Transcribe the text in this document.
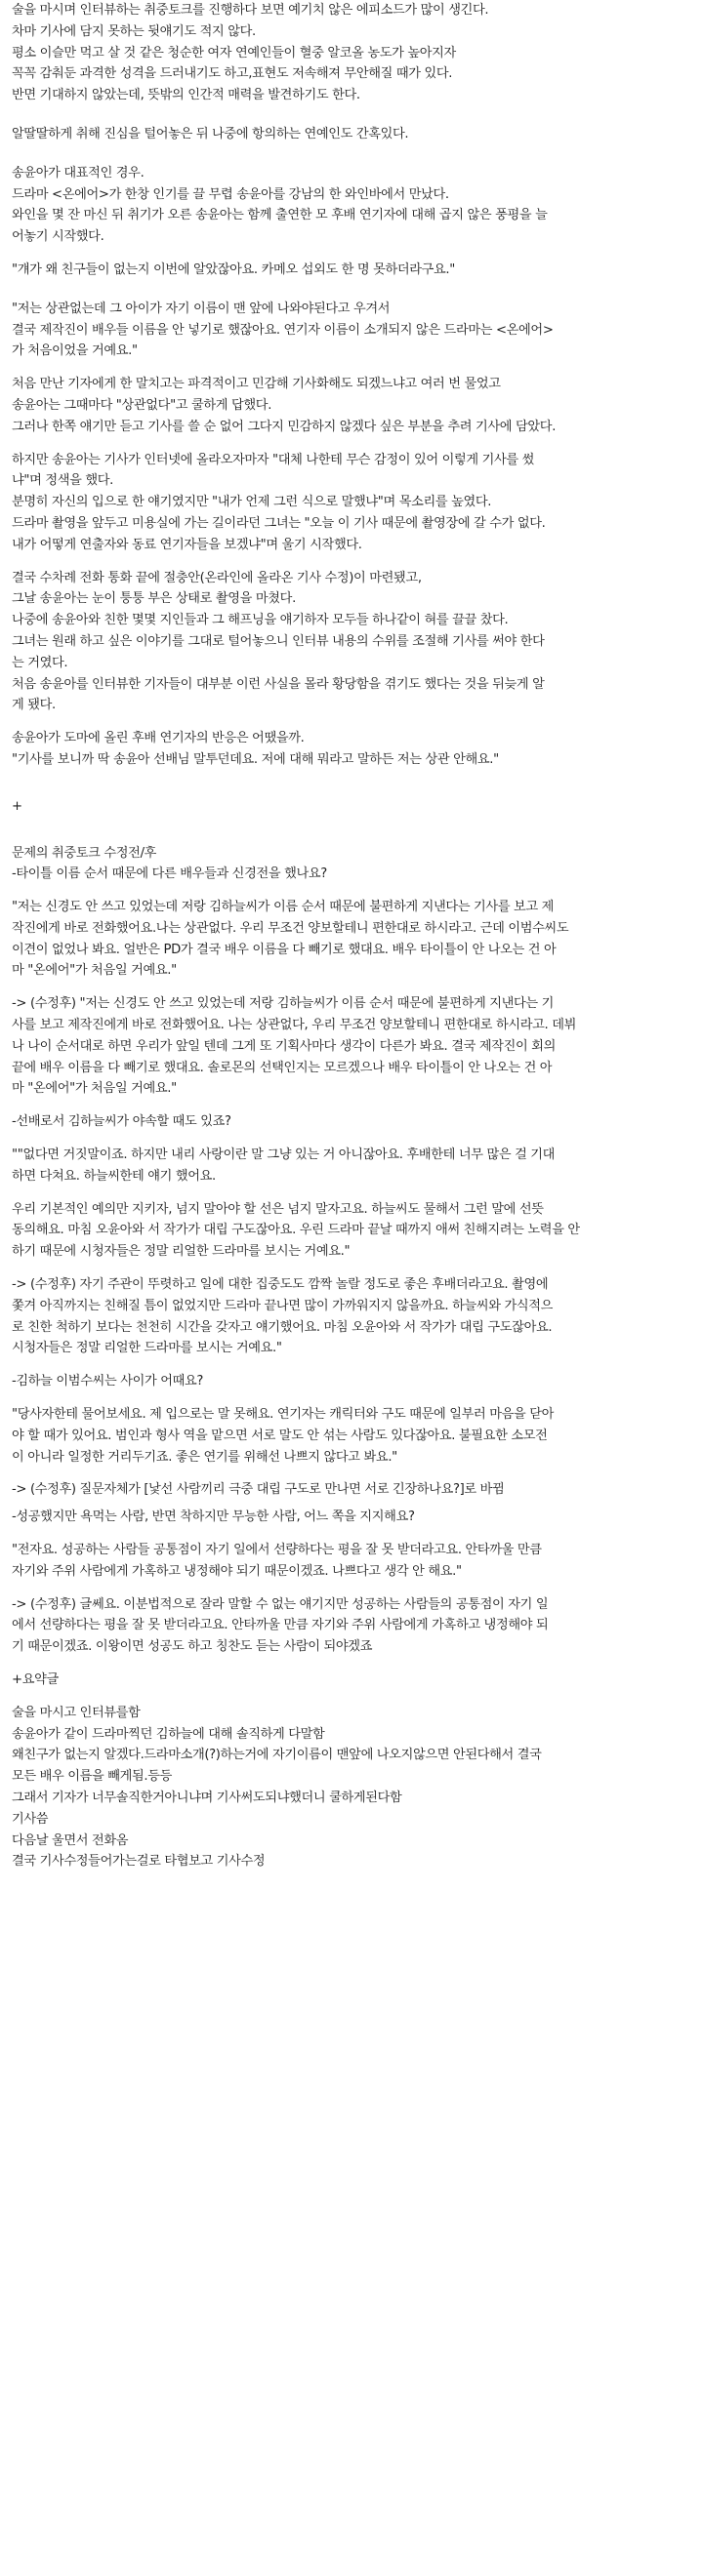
술을 마시며 인터뷰하는 취중토크를 진행하다 보면 예기치 않은 에피소드가 많이 생긴다.
차마 기사에 담지 못하는 뒷얘기도 적지 않다.
평소 이슬만 먹고 살 것 같은 청순한 여자 연예인들이 혈중 알코올 농도가 높아지자
꼭꼭 감춰둔 과격한 성격을 드러내기도 하고,표현도 저속해져 무안해질 때가 있다.
반면 기대하지 않았는데, 뜻밖의 인간적 매력을 발견하기도 한다.
알딸딸하게 취해 진심을 털어놓은 뒤 나중에 항의하는 연예인도 간혹있다.
송윤아가 대표적인 경우.
드라마 <온에어>가 한창 인기를 끌 무렵 송윤아를 강남의 한 와인바에서 만났다.
와인을 몇 잔 마신 뒤 취기가 오른 송윤아는 함께 출연한 모 후배 연기자에 대해 곱지 않은 풍평을 늘
어놓기 시작했다.
"걔가 왜 친구들이 없는지 이번에 알았잖아요. 카메오 섭외도 한 명 못하더라구요."
"저는 상관없는데 그 아이가 자기 이름이 맨 앞에 나와야된다고 우겨서
결국 제작진이 배우들 이름을 안 넣기로 했잖아요. 연기자 이름이 소개되지 않은 드라마는 <온에어>
가 처음이었을 거예요."
처음 만난 기자에게 한 말치고는 파격적이고 민감해 기사화해도 되겠느냐고 여러 번 물었고
송윤아는 그때마다 "상관없다"고 쿨하게 답했다.
그러나 한쪽 얘기만 듣고 기사를 쓸 순 없어 그다지 민감하지 않겠다 싶은 부분을 추려 기사에 담았다.
하지만 송윤아는 기사가 인터넷에 올라오자마자 "대체 나한테 무슨 감정이 있어 이렇게 기사를 썼
냐"며 정색을 했다.
분명히 자신의 입으로 한 얘기였지만 "내가 언제 그런 식으로 말했냐"며 목소리를 높였다.
드라마 촬영을 앞두고 미용실에 가는 길이라던 그녀는 "오늘 이 기사 때문에 촬영장에 갈 수가 없다.
내가 어떻게 연출자와 동료 연기자들을 보겠냐"며 울기 시작했다.
결국 수차례 전화 통화 끝에 절충안(온라인에 올라온 기사 수정)이 마련됐고,
그날 송윤아는 눈이 퉁퉁 부은 상태로 촬영을 마쳤다.
나중에 송윤아와 친한 몇몇 지인들과 그 해프닝을 얘기하자 모두들 하나같이 혀를 끌끌 찼다.
그녀는 원래 하고 싶은 이야기를 그대로 털어놓으니 인터뷰 내용의 수위를 조절해 기사를 써야 한다
는 거였다.
처음 송윤아를 인터뷰한 기자들이 대부분 이런 사실을 몰라 황당함을 겪기도 했다는 것을 뒤늦게 알
게 됐다.
송윤아가 도마에 올린 후배 연기자의 반응은 어땠을까.
"기사를 보니까 딱 송윤아 선배님 말투던데요. 저에 대해 뭐라고 말하든 저는 상관 안해요."
+
문제의 취중토크 수정전/후
-타이틀 이름 순서 때문에 다른 배우들과 신경전을 했나요?
"저는 신경도 안 쓰고 있었는데 저랑 김하늘씨가 이름 순서 때문에 불편하게 지낸다는 기사를 보고 제
작진에게 바로 전화했어요.나는 상관없다. 우리 무조건 양보할테니 편한대로 하시라고. 근데 이범수씨도
이견이 없었나 봐요. 얼반은 PD가 결국 배우 이름을 다 빼기로 했대요. 배우 타이틀이 안 나오는 건 아
마 "온에어"가 처음일 거예요."
-> (수정후) "저는 신경도 안 쓰고 있었는데 저랑 김하늘씨가 이름 순서 때문에 불편하게 지낸다는 기
사를 보고 제작진에게 바로 전화했어요. 나는 상관없다, 우리 무조건 양보할테니 편한대로 하시라고. 데뷔
나 나이 순서대로 하면 우리가 앞일 텐데 그게 또 기획사마다 생각이 다른가 봐요. 결국 제작진이 회의
끝에 배우 이름을 다 빼기로 했대요. 솔로몬의 선택인지는 모르겠으나 배우 타이틀이 안 나오는 건 아
마 "온에어"가 처음일 거예요."
-선배로서 김하늘씨가 야속할 때도 있죠?
""없다면 거짓말이죠. 하지만 내리 사랑이란 말 그냥 있는 거 아니잖아요. 후배한테 너무 많은 걸 기대
하면 다쳐요. 하늘씨한테 얘기 했어요.
우리 기본적인 예의만 지키자, 넘지 말아야 할 선은 넘지 말자고요. 하늘씨도 물해서 그런 말에 선뜻
동의해요. 마침 오윤아와 서 작가가 대립 구도잖아요. 우린 드라마 끝날 때까지 애써 친해지려는 노력을 안
하기 때문에 시청자들은 정말 리얼한 드라마를 보시는 거예요."
-> (수정후) 자기 주관이 뚜렷하고 일에 대한 집중도도 깜짝 놀랄 정도로 좋은 후배더라고요. 촬영에
쫓겨 아직까지는 친해질 틈이 없었지만 드라마 끝나면 많이 가까워지지 않을까요. 하늘씨와 가식적으
로 친한 척하기 보다는 천천히 시간을 갖자고 얘기했어요. 마침 오윤아와 서 작가가 대립 구도잖아요.
시청자들은 정말 리얼한 드라마를 보시는 거예요."
-김하늘 이범수씨는 사이가 어때요?
"당사자한테 물어보세요. 제 입으로는 말 못해요. 연기자는 캐릭터와 구도 때문에 일부러 마음을 닫아
야 할 때가 있어요. 범인과 형사 역을 맡으면 서로 말도 안 섞는 사람도 있다잖아요. 불필요한 소모전
이 아니라 일정한 거리두기죠. 좋은 연기를 위해선 나쁘지 않다고 봐요."
-> (수정후) 질문자체가 [낯선 사람끼리 극중 대립 구도로 만나면 서로 긴장하나요?]로 바뀜
-성공했지만 욕먹는 사람, 반면 착하지만 무능한 사람, 어느 쪽을 지지해요?
"전자요. 성공하는 사람들 공통점이 자기 일에서 선량하다는 평을 잘 못 받더라고요. 안타까울 만큼
자기와 주위 사람에게 가혹하고 냉정해야 되기 때문이겠죠. 나쁘다고 생각 안 해요."
-> (수정후) 글쎄요. 이분법적으로 잘라 말할 수 없는 얘기지만 성공하는 사람들의 공통점이 자기 일
에서 선량하다는 평을 잘 못 받더라고요. 안타까울 만큼 자기와 주위 사람에게 가혹하고 냉정해야 되
기 때문이겠죠. 이왕이면 성공도 하고 칭찬도 듣는 사람이 되야겠죠
+요약글
술을 마시고 인터뷰를함
송윤아가 같이 드라마찍던 김하늘에 대해 솔직하게 다말함
왜친구가 없는지 알겠다.드라마소개(?)하는거에 자기이름이 맨앞에 나오지않으면 안된다해서 결국
모든 배우 이름을 빼게됨.등등
그래서 기자가 너무솔직한거아니냐며 기사써도되냐했더니 쿨하게된다함
기사씀
다음날 울면서 전화옴
결국 기사수정들어가는걸로 타협보고 기사수정
